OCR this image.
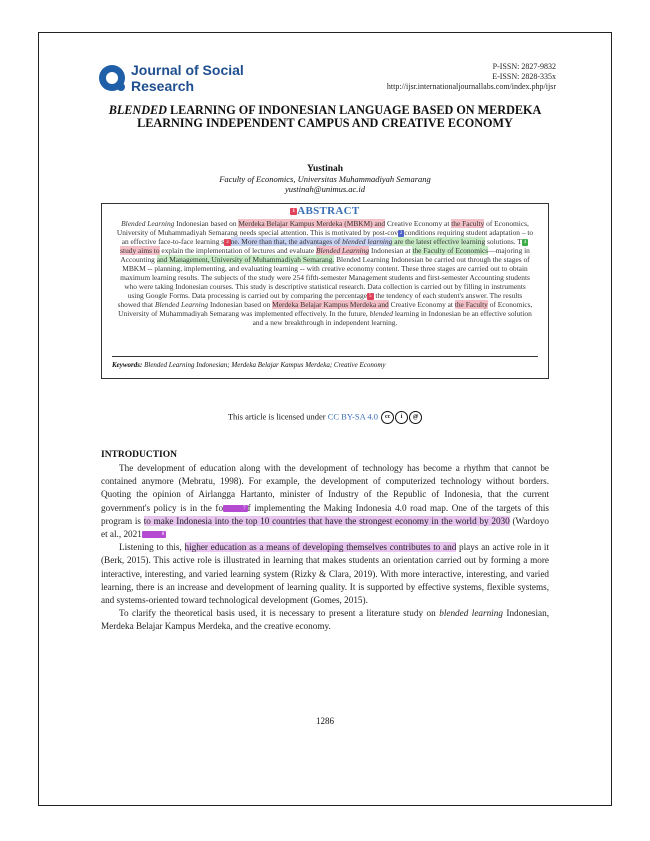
Journal of Social
Research
P-ISSN: 2827-9832
E-ISSN: 2828-335x
http://ijsr.internationaljournallabs.com/index.php/ijsr
BLENDED LEARNING OF INDONESIAN LANGUAGE BASED ON MERDEKA LEARNING INDEPENDENT CAMPUS AND CREATIVE ECONOMY
Yustinah
Faculty of Economics, Universitas Muhammadiyah Semarang
yustinah@unimus.ac.id
1 ABSTRACT
Blended Learning Indonesian based on Merdeka Belajar Kampus Merdeka (MBKM) and Creative Economy at the Faculty of Economics, University of Muhammadiyah Semarang needs special attention. This is motivated by post-cov 2 conditions requiring student adaptation – to an effective face-to-face learning s 3 ne. More than that, the advantages of blended learning are the latest effective learning solutions. T 4 study aims to explain the implementation of lectures and evaluate Blended Learning Indonesian at the Faculty of Economics—majoring in Accounting and Management, University of Muhammadiyah Semarang. Blended Learning Indonesian be carried out through the stages of MBKM -- planning, implementing, and evaluating learning -- with creative economy content. These three stages are carried out to obtain maximum learning results. The subjects of the study were 254 fifth-semester Management students and first-semester Accounting students who were taking Indonesian courses. This study is descriptive statistical research. Data collection is carried out by filling in instruments using Google Forms. Data processing is carried out by comparing the percentage 5 the tendency of each student's answer. The results showed that Blended Learning Indonesian based on Merdeka Belajar Kampus Merdeka and Creative Economy at the Faculty of Economics, University of Muhammadiyah Semarang was implemented effectively. In the future, blended learning in Indonesian be an effective solution and a new breakthrough in independent learning.
Keywords: Blended Learning Indonesian; Merdeka Belajar Kampus Merdeka; Creative Economy
This article is licensed under CC BY-SA 4.0 cc i @
INTRODUCTION

The development of education along with the development of technology has become a rhythm that cannot be contained anymore (Mebratu, 1998). For example, the development of computerized technology without borders. Quoting the opinion of Airlangga Hartanto, minister of Industry of the Republic of Indonesia, that the current government's policy is in the fo	7 f implementing the Making Indonesia 4.0 road map. One of the targets of this program is to make Indonesia into the top 10 countries that have the strongest economy in the world by 2030 (Wardoyo et al., 2021	8

Listening to this, higher education as a means of developing themselves contributes to and plays an active role in it (Berk, 2015). This active role is illustrated in learning that makes students an orientation carried out by forming a more interactive, interesting, and varied learning system (Rizky & Clara, 2019). With more interactive, interesting, and varied learning, there is an increase and development of learning quality. It is supported by effective systems, flexible systems, and systems-oriented toward technological development (Gomes, 2015).

To clarify the theoretical basis used, it is necessary to present a literature study on blended learning Indonesian, Merdeka Belajar Kampus Merdeka, and the creative economy.

1286
